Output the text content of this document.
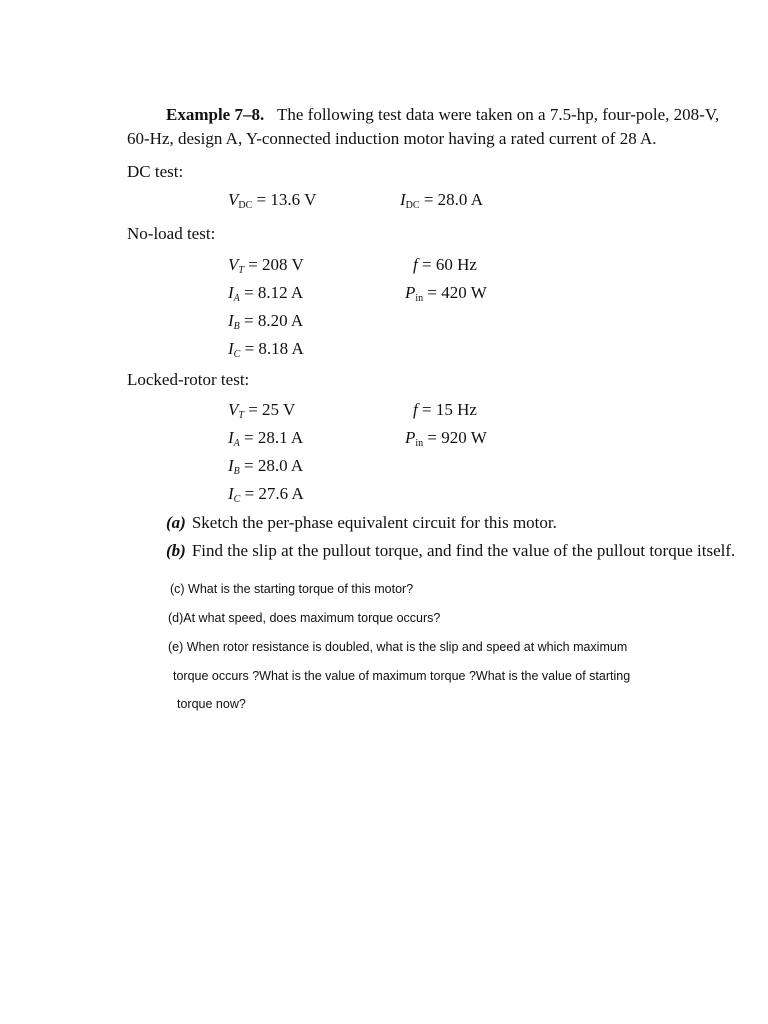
Example 7–8. The following test data were taken on a 7.5-hp, four-pole, 208-V,
60-Hz, design A, Y-connected induction motor having a rated current of 28 A.
DC test:
$V_{DC} = 13.6$ V	$I_{DC} = 28.0$ A
No-load test:
$V_T = 208$ V	f = 60 Hz
$I_A = 8.12$ A	$P_{in} = 420$ W
$I_B = 8.20$ A
$I_C = 8.18$ A
Locked-rotor test:
$V_T = 25$ V	f = 15 Hz
$I_A = 28.1$ A	$P_{in} = 920$ W
$I_B = 28.0$ A
$I_C = 27.6$ A
(a) Sketch the per-phase equivalent circuit for this motor.
(b) Find the slip at the pullout torque, and find the value of the pullout torque itself.
(c) What is the starting torque of this motor?
(d)At what speed, does maximum torque occurs?
(e) When rotor resistance is doubled, what is the slip and speed at which maximum
torque occurs ?What is the value of maximum torque ?What is the value of starting
torque now?
